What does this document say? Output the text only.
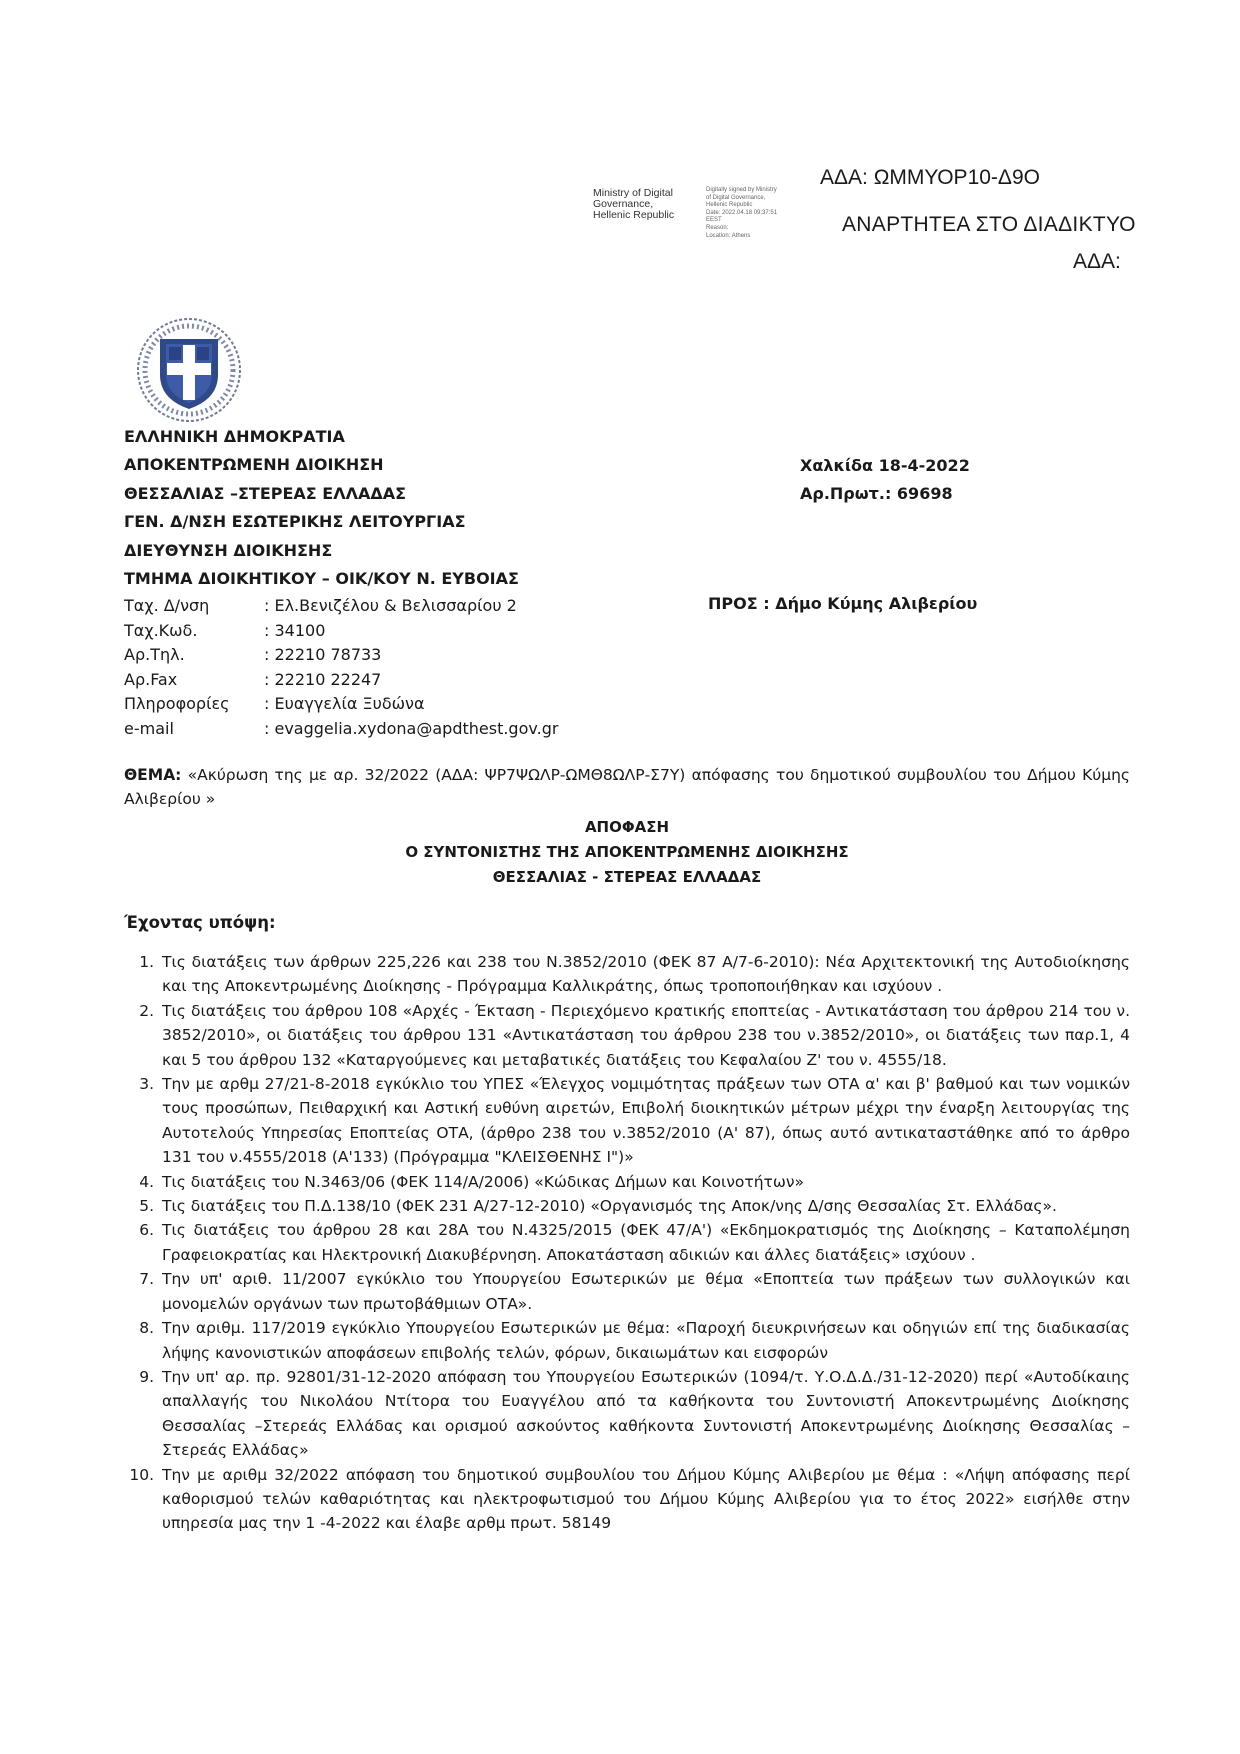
ΑΔΑ: ΩΜΜΥΟΡ10-Δ9Ο
ΑΝΑΡΤΗΤΕΑ ΣΤΟ ΔΙΑΔΙΚΤΥΟ
ΑΔΑ:
Ministry of Digital
Governance,
Hellenic Republic
Digitally signed by Ministry
of Digital Governance,
Hellenic Republic
Date: 2022.04.18 09:37:51
EEST
Reason:
Location: Athens
ΕΛΛΗΝΙΚΗ ΔΗΜΟΚΡΑΤΙΑ
ΑΠΟΚΕΝΤΡΩΜΕΝΗ ΔΙΟΙΚΗΣΗ
ΘΕΣΣΑΛΙΑΣ –ΣΤΕΡΕΑΣ ΕΛΛΑΔΑΣ
ΓΕΝ. Δ/ΝΣΗ ΕΣΩΤΕΡΙΚΗΣ ΛΕΙΤΟΥΡΓΙΑΣ
ΔΙΕΥΘΥΝΣΗ ΔΙΟΙΚΗΣΗΣ
ΤΜΗΜΑ ΔΙΟΙΚΗΤΙΚΟΥ – ΟΙΚ/ΚΟΥ Ν. ΕΥΒΟΙΑΣ
Χαλκίδα 18-4-2022
Αρ.Πρωτ.: 69698
Ταχ. Δ/νση	: Ελ.Βενιζέλου & Βελισσαρίου 2
Ταχ.Κωδ.	: 34100
Αρ.Τηλ.	: 22210 78733
Αρ.Fax	: 22210 22247
Πληροφορίες : Ευαγγελία Ξυδώνα
e-mail	: evaggelia.xydona@apdthest.gov.gr
ΠΡΟΣ : Δήμο Κύμης Αλιβερίου
ΘΕΜΑ: «Ακύρωση της με αρ. 32/2022 (ΑΔΑ: ΨΡ7ΨΩΛΡ-ΩΜΘ8ΩΛΡ-Σ7Υ) απόφασης του δημοτικού συμβουλίου του Δήμου Κύμης Αλιβερίου »
ΑΠΟΦΑΣΗ
Ο ΣΥΝΤΟΝΙΣΤΗΣ ΤΗΣ ΑΠΟΚΕΝΤΡΩΜΕΝΗΣ ΔΙΟΙΚΗΣΗΣ
ΘΕΣΣΑΛΙΑΣ - ΣΤΕΡΕΑΣ ΕΛΛΑΔΑΣ
Έχοντας υπόψη:
1. Τις διατάξεις των άρθρων 225,226 και 238 του Ν.3852/2010 (ΦΕΚ 87 Α/7-6-2010): Νέα Αρχιτεκτονική της Αυτοδιοίκησης και της Αποκεντρωμένης Διοίκησης - Πρόγραμμα Καλλικράτης, όπως τροποποιήθηκαν και ισχύουν .
2. Τις διατάξεις του άρθρου 108 «Αρχές - Έκταση - Περιεχόμενο κρατικής εποπτείας - Αντικατάσταση του άρθρου 214 του ν. 3852/2010», οι διατάξεις του άρθρου 131 «Αντικατάσταση του άρθρου 238 του ν.3852/2010», οι διατάξεις των παρ.1, 4 και 5 του άρθρου 132 «Καταργούμενες και μεταβατικές διατάξεις του Κεφαλαίου Ζ' του ν. 4555/18.
3. Την με αρθμ 27/21-8-2018 εγκύκλιο του ΥΠΕΣ «Έλεγχος νομιμότητας πράξεων των ΟΤΑ α' και β' βαθμού και των νομικών τους προσώπων, Πειθαρχική και Αστική ευθύνη αιρετών, Επιβολή διοικητικών μέτρων μέχρι την έναρξη λειτουργίας της Αυτοτελούς Υπηρεσίας Εποπτείας ΟΤΑ, (άρθρο 238 του ν.3852/2010 (Α' 87), όπως αυτό αντικαταστάθηκε από το άρθρο 131 του ν.4555/2018 (Α'133) (Πρόγραμμα "ΚΛΕΙΣΘΕΝΗΣ Ι")»
4. Τις διατάξεις του Ν.3463/06 (ΦΕΚ 114/Α/2006) «Κώδικας Δήμων και Κοινοτήτων»
5. Τις διατάξεις του Π.Δ.138/10 (ΦΕΚ 231 Α/27-12-2010) «Οργανισμός της Αποκ/νης Δ/σης Θεσσαλίας Στ. Ελλάδας».
6. Τις διατάξεις του άρθρου 28 και 28Α του Ν.4325/2015 (ΦΕΚ 47/Α') «Εκδημοκρατισμός της Διοίκησης – Καταπολέμηση Γραφειοκρατίας και Ηλεκτρονική Διακυβέρνηση. Αποκατάσταση αδικιών και άλλες διατάξεις» ισχύουν .
7. Την υπ' αριθ. 11/2007 εγκύκλιο του Υπουργείου Εσωτερικών με θέμα «Εποπτεία των πράξεων των συλλογικών και μονομελών οργάνων των πρωτοβάθμιων ΟΤΑ».
8. Την αριθμ. 117/2019 εγκύκλιο Υπουργείου Εσωτερικών με θέμα: «Παροχή διευκρινήσεων και οδηγιών επί της διαδικασίας λήψης κανονιστικών αποφάσεων επιβολής τελών, φόρων, δικαιωμάτων και εισφορών
9. Την υπ' αρ. πρ. 92801/31-12-2020 απόφαση του Υπουργείου Εσωτερικών (1094/τ. Υ.Ο.Δ.Δ./31-12-2020) περί «Αυτοδίκαιης απαλλαγής του Νικολάου Ντίτορα του Ευαγγέλου από τα καθήκοντα του Συντονιστή Αποκεντρωμένης Διοίκησης Θεσσαλίας –Στερεάς Ελλάδας και ορισμού ασκούντος καθήκοντα Συντονιστή Αποκεντρωμένης Διοίκησης Θεσσαλίας –Στερεάς Ελλάδας»
10. Την με αριθμ 32/2022 απόφαση του δημοτικού συμβουλίου του Δήμου Κύμης Αλιβερίου με θέμα : «Λήψη απόφασης περί καθορισμού τελών καθαριότητας και ηλεκτροφωτισμού του Δήμου Κύμης Αλιβερίου για το έτος 2022» εισήλθε στην υπηρεσία μας την 1 -4-2022 και έλαβε αρθμ πρωτ. 58149
